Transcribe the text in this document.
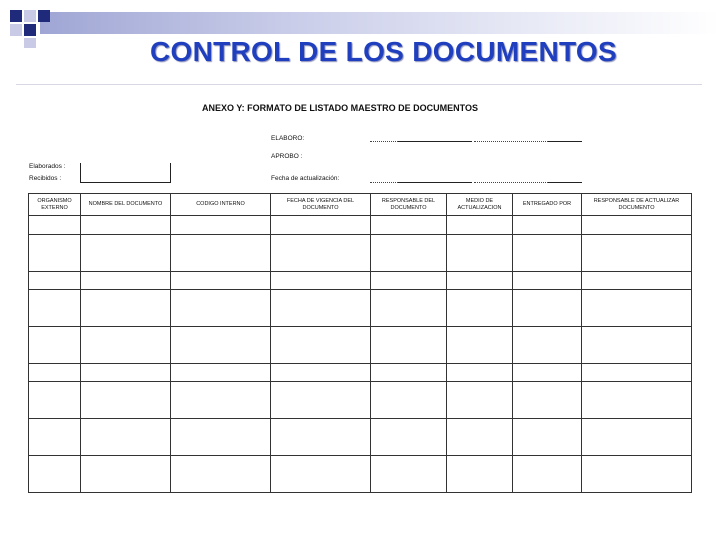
CONTROL DE LOS DOCUMENTOS
ANEXO Y: FORMATO DE LISTADO MAESTRO DE DOCUMENTOS
ELABORO:
APROBO :
Elaborados :
Recibidos :	Fecha de actualización:
ORGANISMO EXTERNO	NOMBRE DEL DOCUMENTO	CODIGO INTERNO	FECHA DE VIGENCIA DEL DOCUMENTO	RESPONSABLE DEL DOCUMENTO	MEDIO DE ACTUALIZACION	ENTREGADO POR	RESPONSABLE DE ACTUALIZAR DOCUMENTO
